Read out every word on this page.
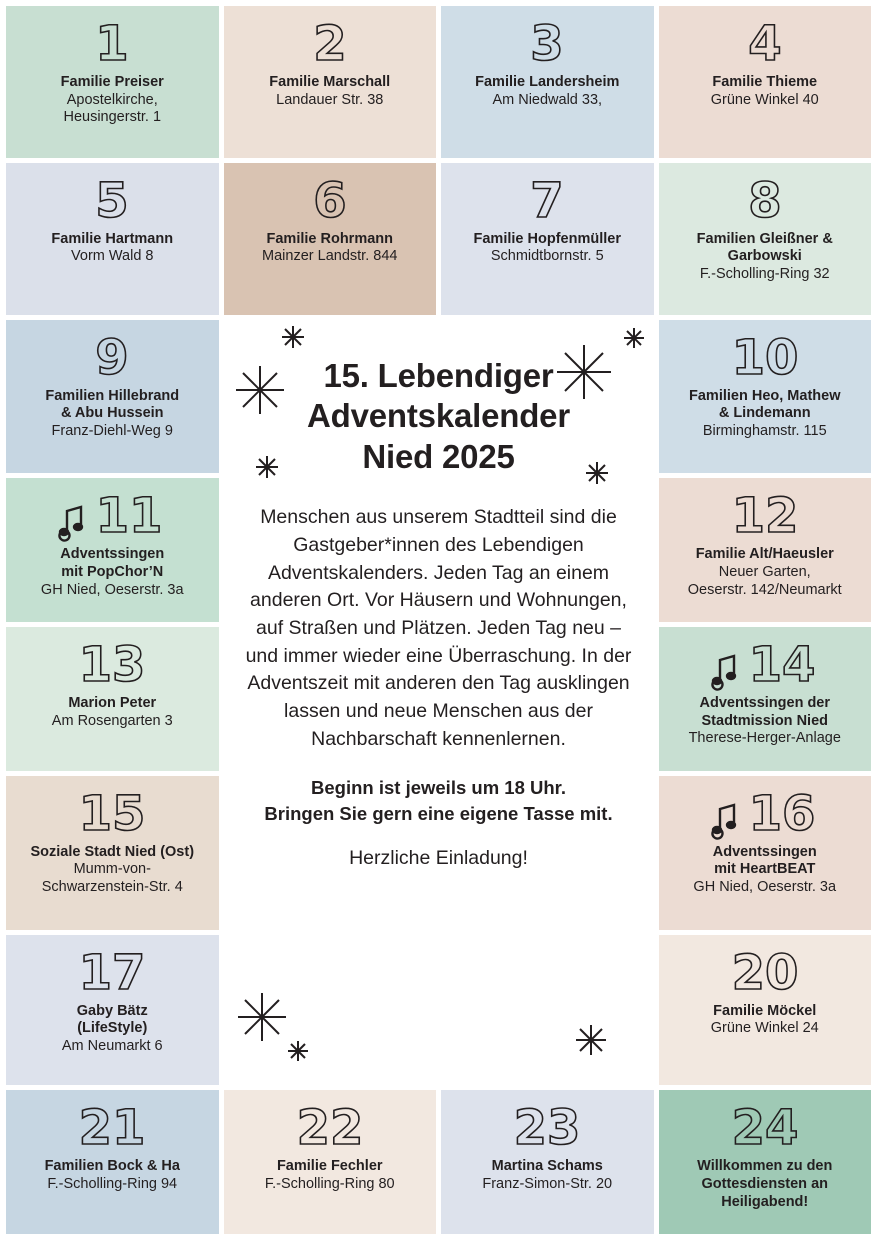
1
Familie Preiser
Apostelkirche,
Heusingerstr. 1
2
Familie Marschall
Landauer Str. 38
3
Familie Landersheim
Am Niedwald 33,
4
Familie Thieme
Grüne Winkel 40
5
Familie Hartmann
Vorm Wald 8
6
Familie Rohrmann
Mainzer Landstr. 844
7
Familie Hopfenmüller
Schmidtbornstr. 5
8
Familien Gleißner &
Garbowski
F.-Scholling-Ring 32
9
Familien Hillebrand
& Abu Hussein
Franz-Diehl-Weg 9
10
Familien Heo, Mathew
& Lindemann
Birminghamstr. 115
11
Adventssingen
mit PopChor’N
GH Nied, Oeserstr. 3a
12
Familie Alt/Haeusler
Neuer Garten,
Oeserstr. 142/Neumarkt
13
Marion Peter
Am Rosengarten 3
14
Adventssingen der
Stadtmission Nied
Therese-Herger-Anlage
15
Soziale Stadt Nied (Ost)
Mumm-von-
Schwarzenstein-Str. 4
16
Adventssingen
mit HeartBEAT
GH Nied, Oeserstr. 3a
17
Gaby Bätz
(LifeStyle)
Am Neumarkt 6

20
Familie Möckel
Grüne Winkel 24
21
Familien Bock & Ha
F.-Scholling-Ring 94
22
Familie Fechler
F.-Scholling-Ring 80
23
Martina Schams
Franz-Simon-Str. 20
24
Willkommen zu den
Gottesdiensten an
Heiligabend!
15. Lebendiger
Adventskalender
Nied 2025

Menschen aus unserem Stadtteil sind die Gastgeber*innen des Lebendigen Adventskalenders. Jeden Tag an einem anderen Ort. Vor Häusern und Wohnungen, auf Straßen und Plätzen. Jeden Tag neu – und immer wieder eine Überraschung. In der Adventszeit mit anderen den Tag ausklingen lassen und neue Menschen aus der Nachbarschaft kennenlernen.

Beginn ist jeweils um 18 Uhr.
Bringen Sie gern eine eigene Tasse mit.
Herzliche Einladung!
